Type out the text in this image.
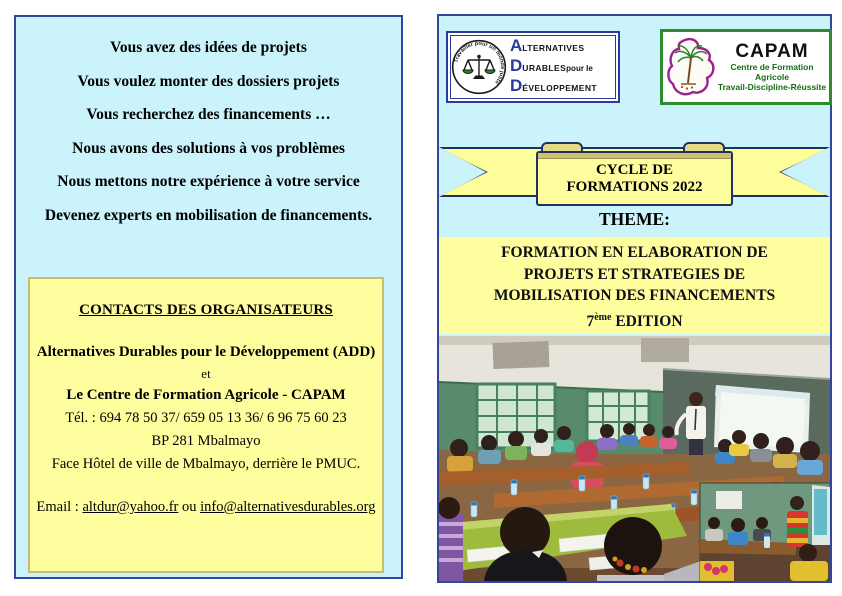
Vous avez des idées de projets
Vous voulez monter des dossiers projets
Vous recherchez des financements …
Nous avons des solutions à vos problèmes
Nous mettons notre expérience à votre service
Devenez experts en mobilisation de financements.
CONTACTS DES ORGANISATEURS
Alternatives Durables pour le Développement (ADD)
et
Le Centre de Formation Agricole - CAPAM
Tél. : 694 78 50 37/ 659 05 13 36/ 6 96 75 60 23
BP 281 Mbalmayo
Face Hôtel de ville de Mbalmayo, derrière le PMUC.
Email : altdur@yahoo.fr ou info@alternativesdurables.org
Travailler pour un monde juste
A LTERNATIVES
D URABLES pour le
D ÉVELOPPEMENT
CAPAM
Centre de Formation Agricole
Travail-Discipline-Réussite
CYCLE DE
FORMATIONS 2022
THEME:
FORMATION EN ELABORATION DE
PROJETS ET STRATEGIES DE
MOBILISATION DES FINANCEMENTS
7ème EDITION
